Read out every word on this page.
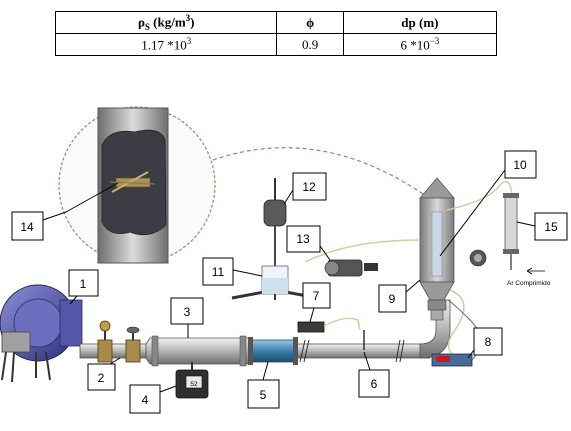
$\rho_S$ $(kg/m^3)$	ϕ	dp (m)
1.17 $*10^3$	0.9	6 $*10^{-3}$
52
Ar Comprimido
1
2
3
4	5
6
7
8
9
10
11
12
13
14	15
